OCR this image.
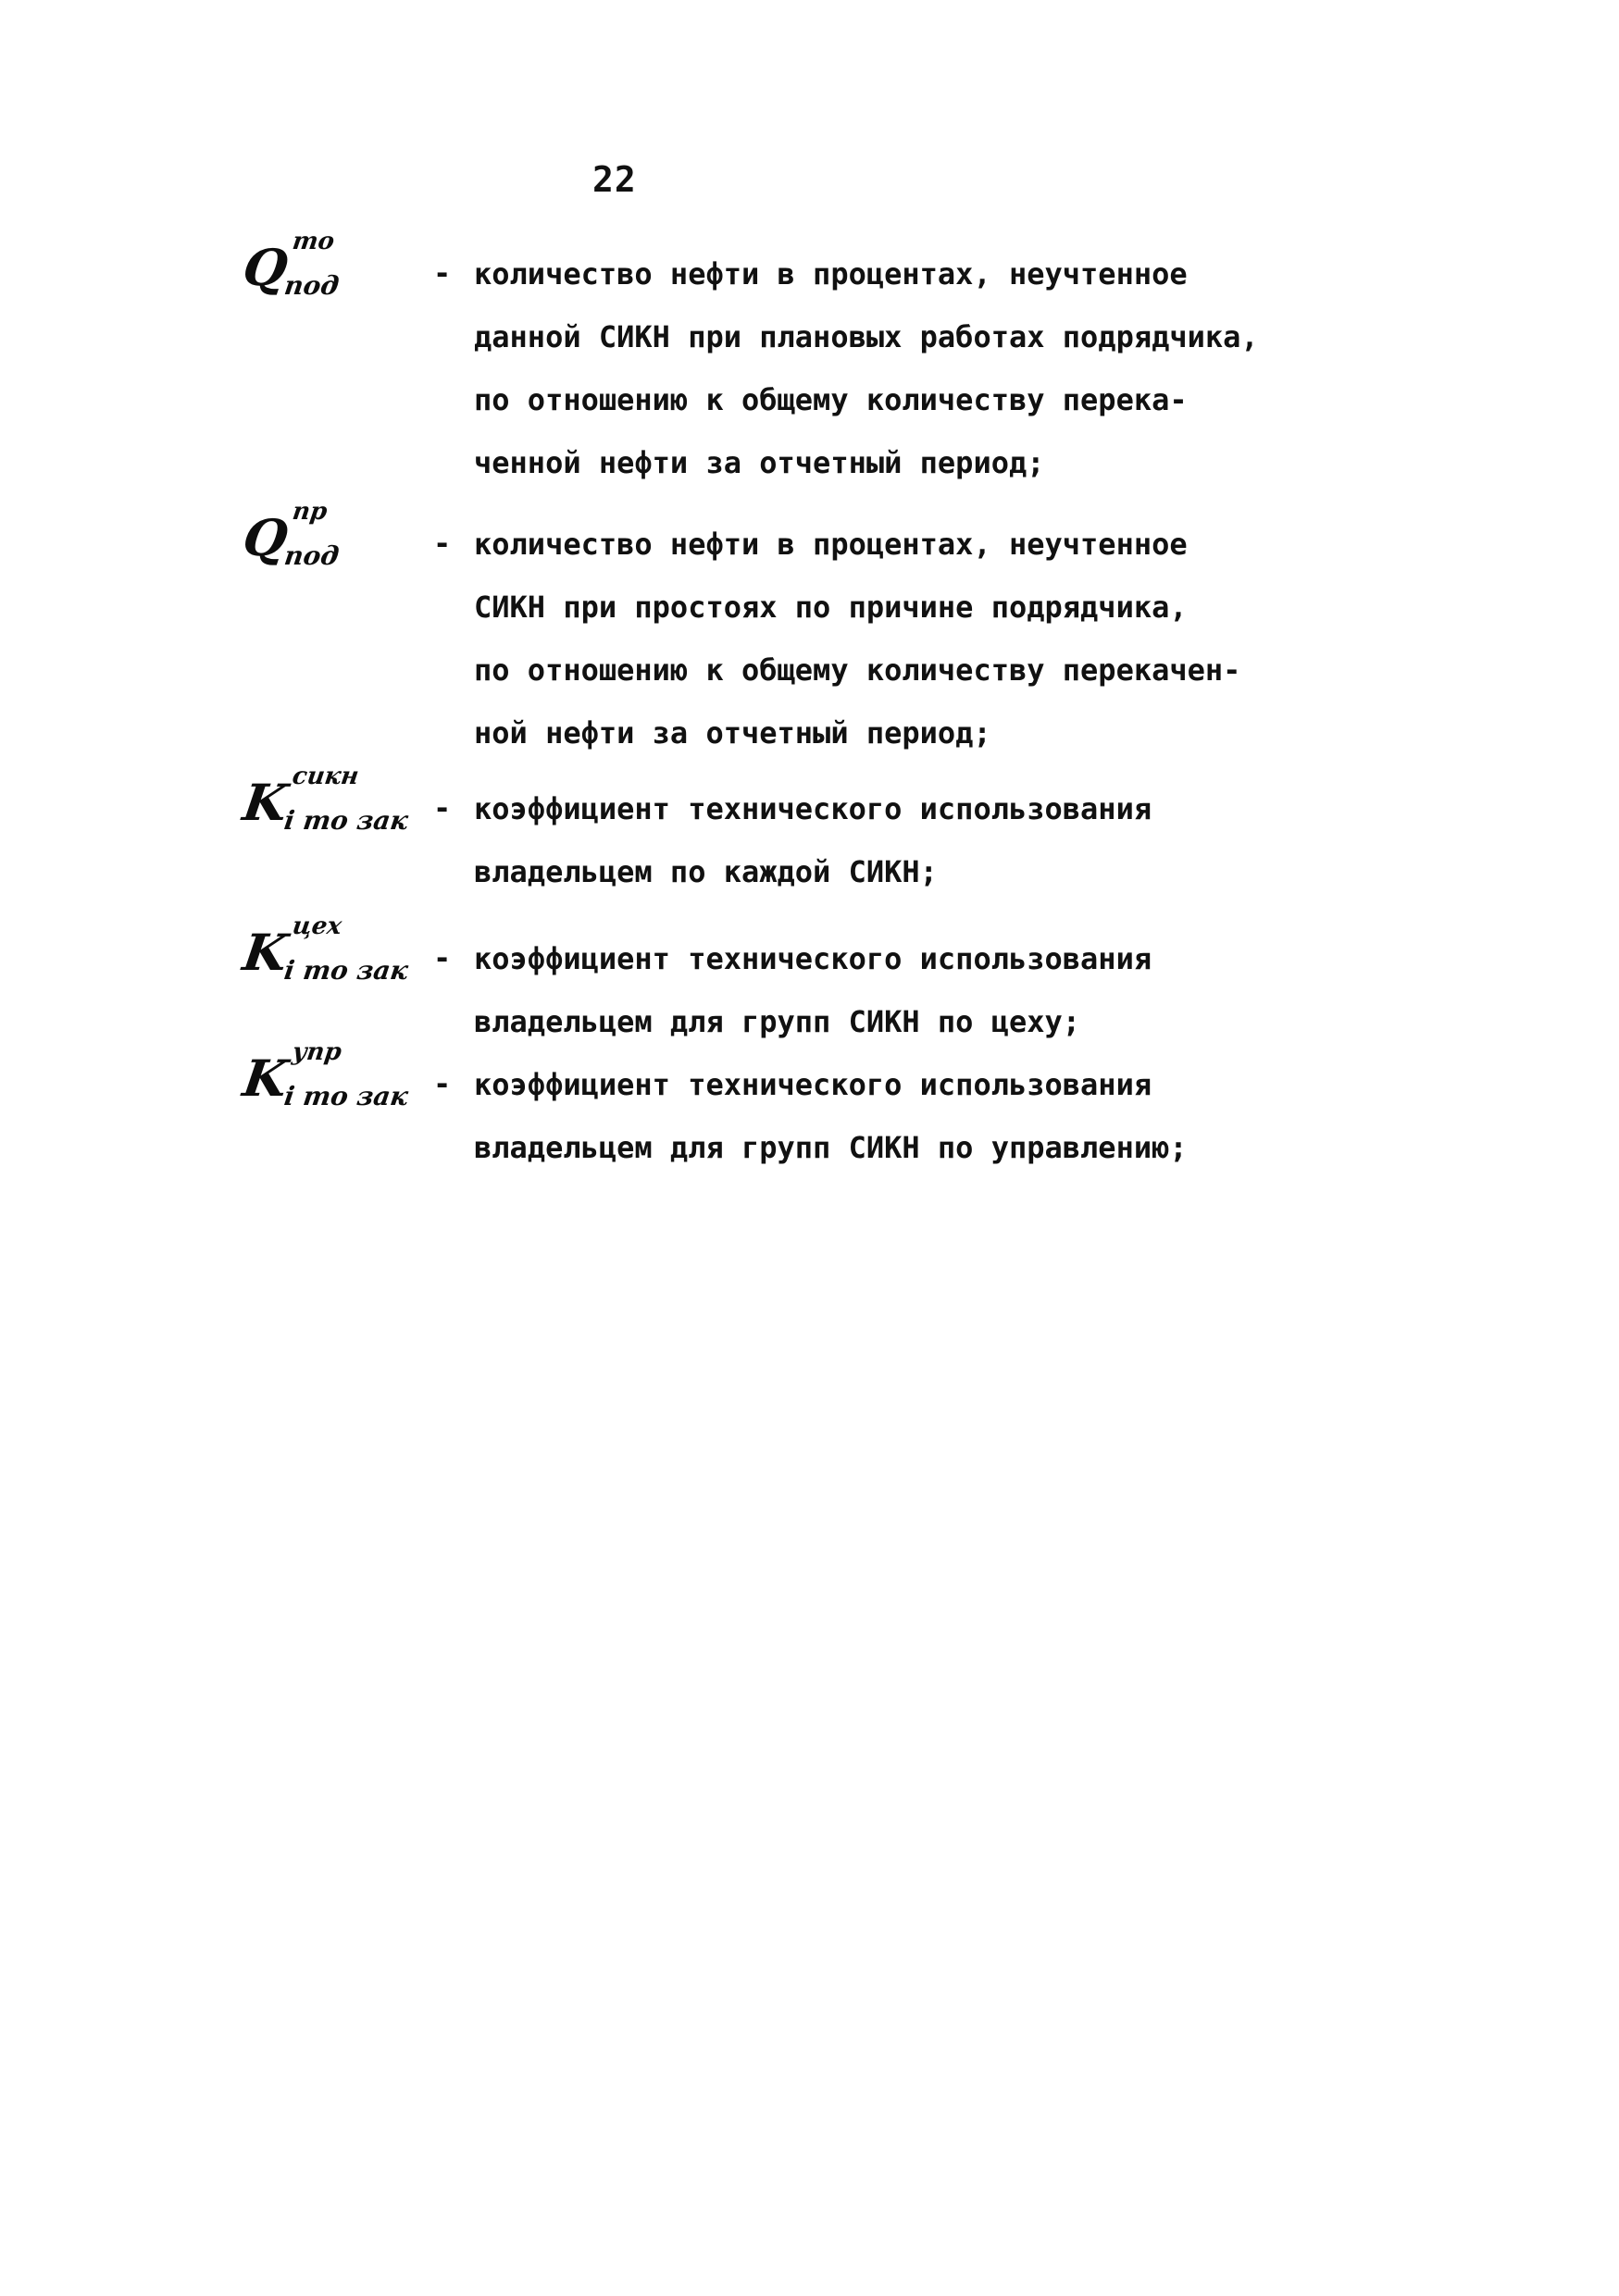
22
Q то
под	- количество нефти в процентах, неучтенное
данной СИКН при плановых работах подрядчика,
по отношению к общему количеству перека-
ченной нефти за отчетный период;
Q пр
под	- количество нефти в процентах, неучтенное
СИКН при простоях по причине подрядчика,
по отношению к общему количеству перекачен-
ной нефти за отчетный период;
K сикн
i то зак - коэффициент технического использования
владельцем по каждой СИКН;
K цех
i то зак - коэффициент технического использования
владельцем для групп СИКН по цеху;
K упр
i то зак - коэффициент технического использования
владельцем для групп СИКН по управлению;
